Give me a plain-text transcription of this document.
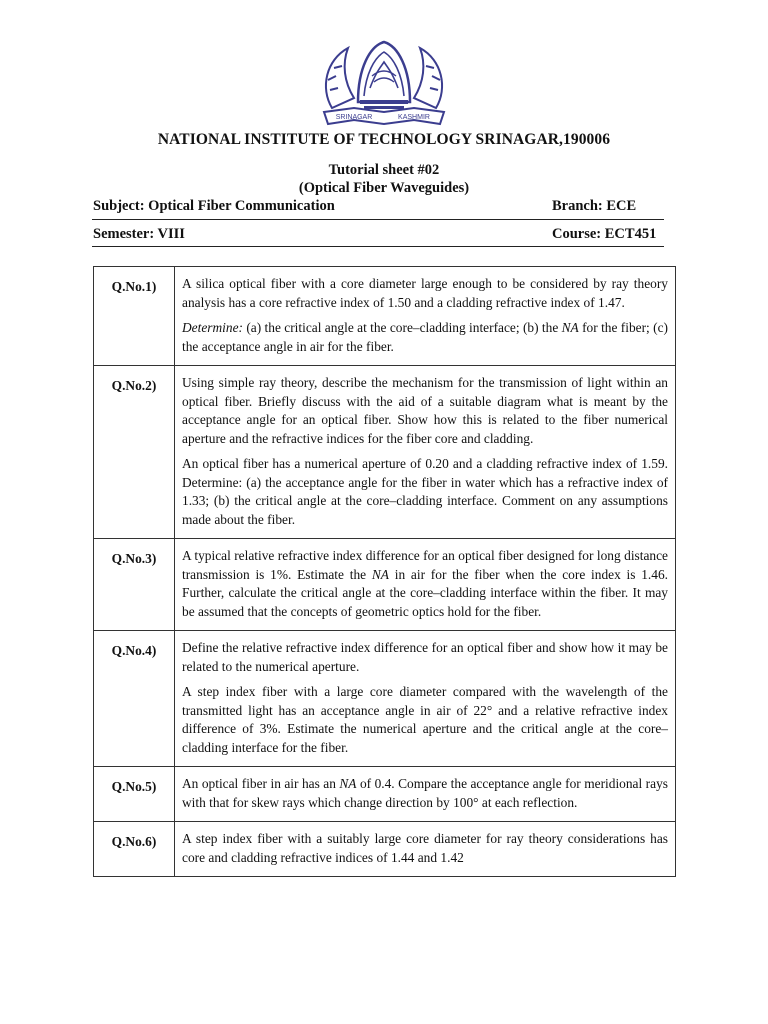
SRINAGAR	KASHMIR
NATIONAL INSTITUTE OF TECHNOLOGY SRINAGAR,190006
Tutorial sheet #02
(Optical Fiber Waveguides)
Subject: Optical Fiber Communication	Branch: ECE
Semester: VIII	Course: ECT451
Q.No.1)	A silica optical fiber with a core diameter large enough to be considered by ray theory analysis has a core refractive index of 1.50 and a cladding refractive index of 1.47.

Determine: (a) the critical angle at the core–cladding interface; (b) the NA for the fiber; (c) the acceptance angle in air for the fiber.

Q.No.2)	Using simple ray theory, describe the mechanism for the transmission of light within an optical fiber. Briefly discuss with the aid of a suitable diagram what is meant by the acceptance angle for an optical fiber. Show how this is related to the fiber numerical aperture and the refractive indices for the fiber core and cladding.

An optical fiber has a numerical aperture of 0.20 and a cladding refractive index of 1.59. Determine: (a) the acceptance angle for the fiber in water which has a refractive index of 1.33; (b) the critical angle at the core–cladding interface. Comment on any assumptions made about the fiber.

Q.No.3)	A typical relative refractive index difference for an optical fiber designed for long distance transmission is 1%. Estimate the NA in air for the fiber when the core index is 1.46. Further, calculate the critical angle at the core–cladding interface within the fiber. It may be assumed that the concepts of geometric optics hold for the fiber.

Q.No.4)	Define the relative refractive index difference for an optical fiber and show how it may be related to the numerical aperture.

A step index fiber with a large core diameter compared with the wavelength of the transmitted light has an acceptance angle in air of 22° and a relative refractive index difference of 3%. Estimate the numerical aperture and the critical angle at the core–cladding interface for the fiber.

Q.No.5)	An optical fiber in air has an NA of 0.4. Compare the acceptance angle for meridional rays with that for skew rays which change direction by 100° at each reflection.

Q.No.6)	A step index fiber with a suitably large core diameter for ray theory considerations has core and cladding refractive indices of 1.44 and 1.42
